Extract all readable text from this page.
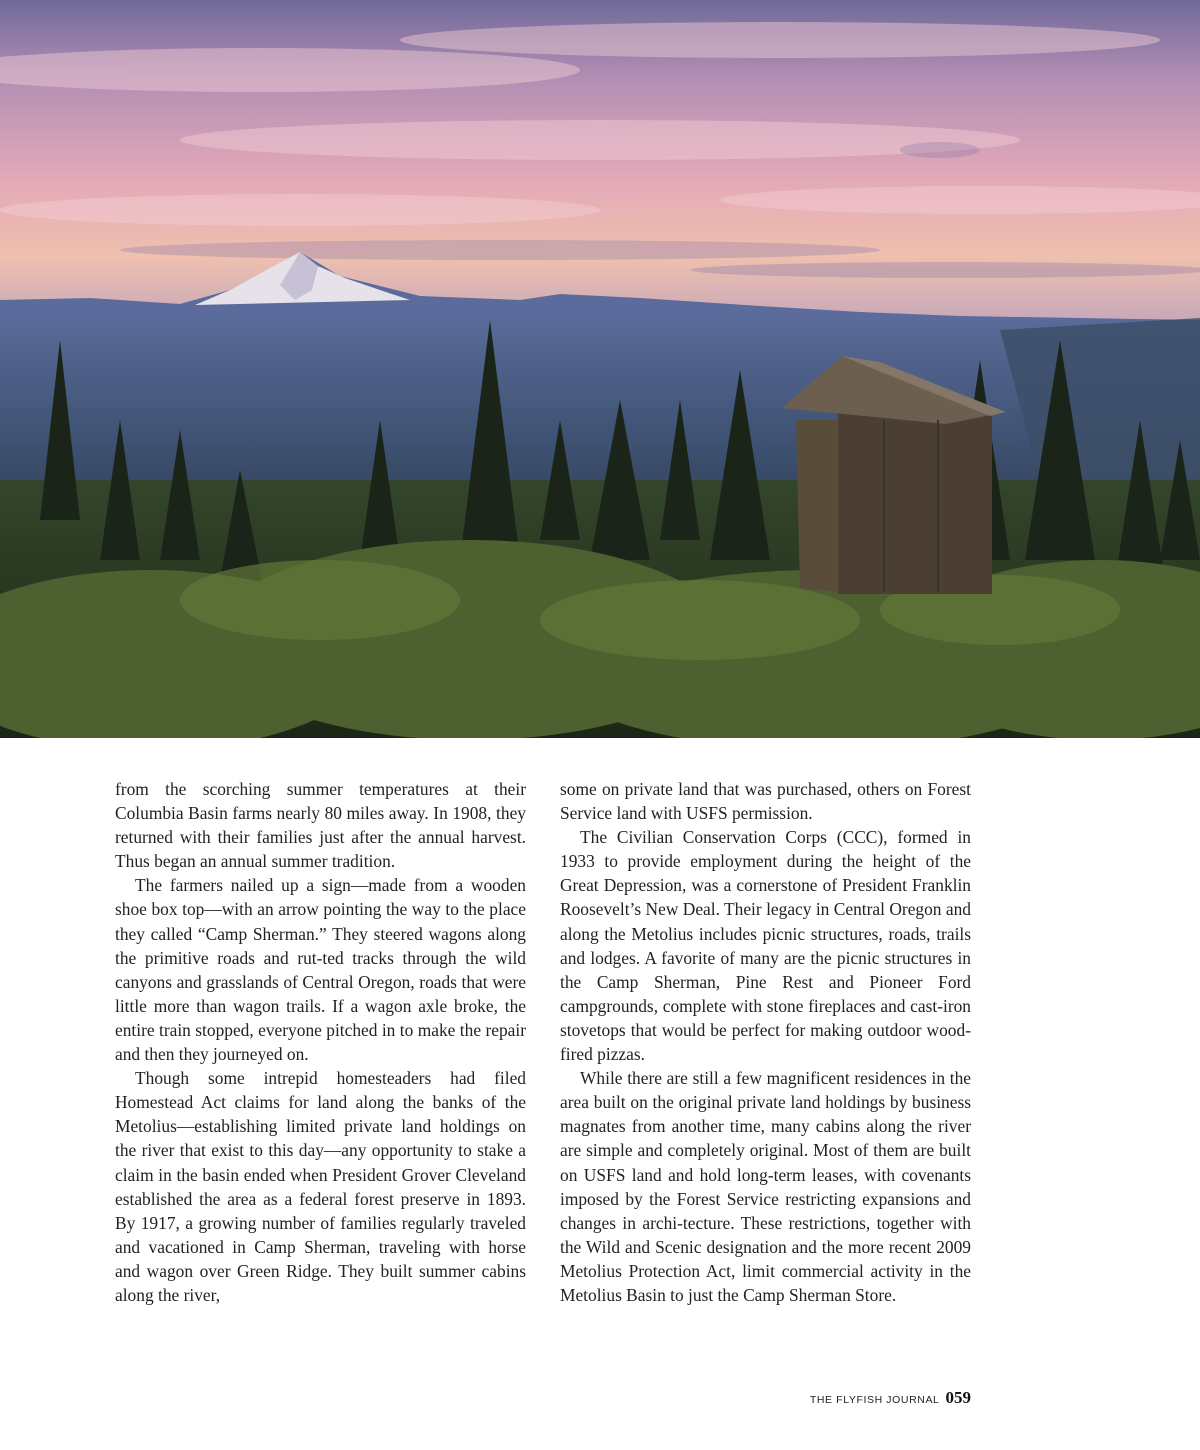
from the scorching summer temperatures at their Columbia Basin farms nearly 80 miles away. In 1908, they returned with their families just after the annual harvest. Thus began an annual summer tradition.

The farmers nailed up a sign—made from a wooden shoe box top—with an arrow pointing the way to the place they called “Camp Sherman.” They steered wagons along the primitive roads and rut-ted tracks through the wild canyons and grasslands of Central Oregon, roads that were little more than wagon trails. If a wagon axle broke, the entire train stopped, everyone pitched in to make the repair and then they journeyed on.

Though some intrepid homesteaders had filed Homestead Act claims for land along the banks of the Metolius—establishing limited private land holdings on the river that exist to this day—any opportunity to stake a claim in the basin ended when President Grover Cleveland established the area as a federal forest preserve in 1893. By 1917, a growing number of families regularly traveled and vacationed in Camp Sherman, traveling with horse and wagon over Green Ridge. They built summer cabins along the river,

some on private land that was purchased, others on Forest Service land with USFS permission.

The Civilian Conservation Corps (CCC), formed in 1933 to provide employment during the height of the Great Depression, was a cornerstone of President Franklin Roosevelt’s New Deal. Their legacy in Central Oregon and along the Metolius includes picnic structures, roads, trails and lodges. A favorite of many are the picnic structures in the Camp Sherman, Pine Rest and Pioneer Ford campgrounds, complete with stone fireplaces and cast-iron stovetops that would be perfect for making outdoor wood-fired pizzas.

While there are still a few magnificent residences in the area built on the original private land holdings by business magnates from another time, many cabins along the river are simple and completely original. Most of them are built on USFS land and hold long-term leases, with covenants imposed by the Forest Service restricting expansions and changes in archi-tecture. These restrictions, together with the Wild and Scenic designation and the more recent 2009 Metolius Protection Act, limit commercial activity in the Metolius Basin to just the Camp Sherman Store.

THE FLYFISH JOURNAL 059
